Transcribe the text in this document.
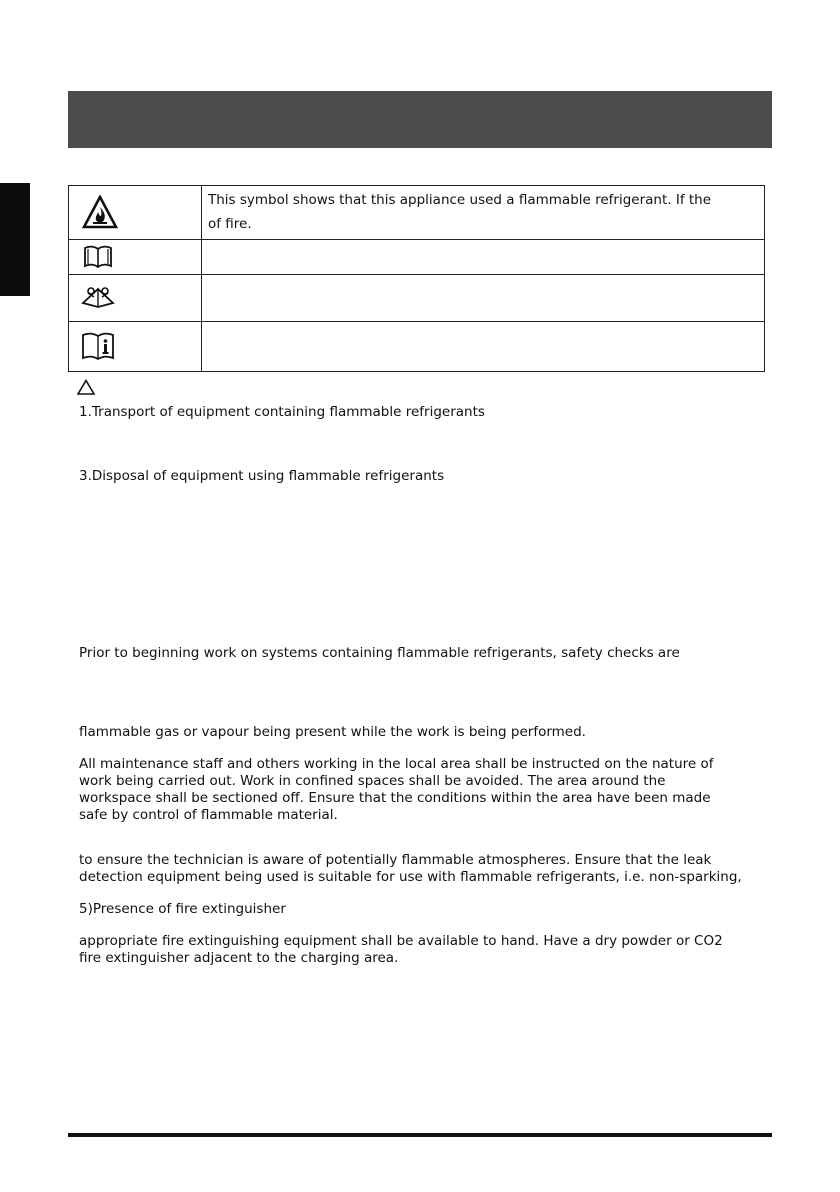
This symbol shows that this appliance used a flammable refrigerant. If the
of fire.

1.Transport of equipment containing flammable refrigerants
3.Disposal of equipment using flammable refrigerants
Prior to beginning work on systems containing flammable refrigerants, safety checks are
flammable gas or vapour being present while the work is being performed.
All maintenance staff and others working in the local area shall be instructed on the nature of
work being carried out. Work in confined spaces shall be avoided. The area around the
workspace shall be sectioned off. Ensure that the conditions within the area have been made
safe by control of flammable material.
to ensure the technician is aware of potentially flammable atmospheres. Ensure that the leak
detection equipment being used is suitable for use with flammable refrigerants, i.e. non-sparking,
5)Presence of fire extinguisher
appropriate fire extinguishing equipment shall be available to hand. Have a dry powder or CO2
fire extinguisher adjacent to the charging area.
